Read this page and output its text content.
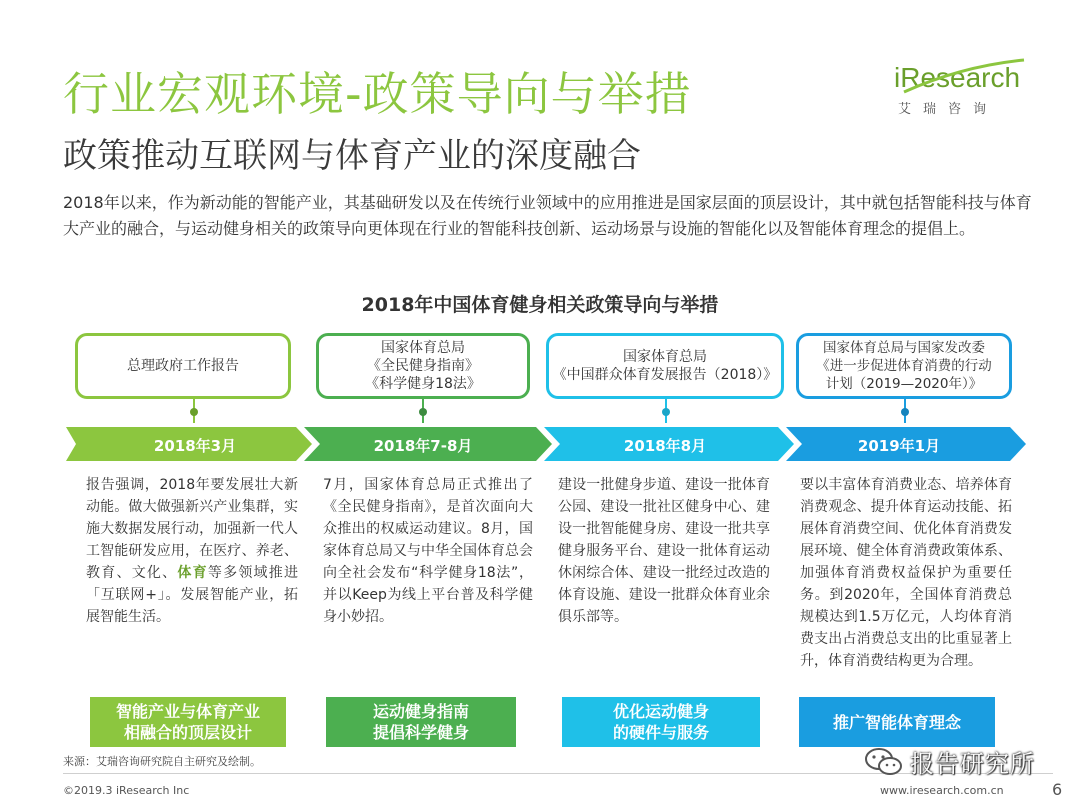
行业宏观环境-政策导向与举措
政策推动互联网与体育产业的深度融合
iResearch
艾瑞咨询
2018年以来，作为新动能的智能产业，其基础研发以及在传统行业领域中的应用推进是国家层面的顶层设计，其中就包括智能科技与体育大产业的融合，与运动健身相关的政策导向更体现在行业的智能科技创新、运动场景与设施的智能化以及智能体育理念的提倡上。
2018年中国体育健身相关政策导向与举措
总理政府工作报告
国家体育总局
《全民健身指南》
《科学健身18法》
国家体育总局
《中国群众体育发展报告（2018）》
国家体育总局与国家发改委
《进一步促进体育消费的行动
计划（2019—2020年）》
2018年3月	2018年7-8月	2018年8月	2019年1月
报告强调，2018年要发展壮大新动能。做大做强新兴产业集群，实施大数据发展行动，加强新一代人工智能研发应用，在医疗、养老、教育、文化、体育等多领域推进「互联网+」。发展智能产业，拓展智能生活。
7月，国家体育总局正式推出了《全民健身指南》，是首次面向大众推出的权威运动建议。8月，国家体育总局又与中华全国体育总会向全社会发布“科学健身18法”，并以Keep为线上平台普及科学健身小妙招。
建设一批健身步道、建设一批体育公园、建设一批社区健身中心、建设一批智能健身房、建设一批共享健身服务平台、建设一批体育运动休闲综合体、建设一批经过改造的体育设施、建设一批群众体育业余俱乐部等。
要以丰富体育消费业态、培养体育消费观念、提升体育运动技能、拓展体育消费空间、优化体育消费发展环境、健全体育消费政策体系、加强体育消费权益保护为重要任务。到2020年，全国体育消费总规模达到1.5万亿元，人均体育消费支出占消费总支出的比重显著上升，体育消费结构更为合理。
智能产业与体育产业
相融合的顶层设计
运动健身指南
提倡科学健身
优化运动健身
的硬件与服务
推广智能体育理念
来源：艾瑞咨询研究院自主研究及绘制。
©2019.3 iResearch Inc	www.iresearch.com.cn	6
报告研究所
